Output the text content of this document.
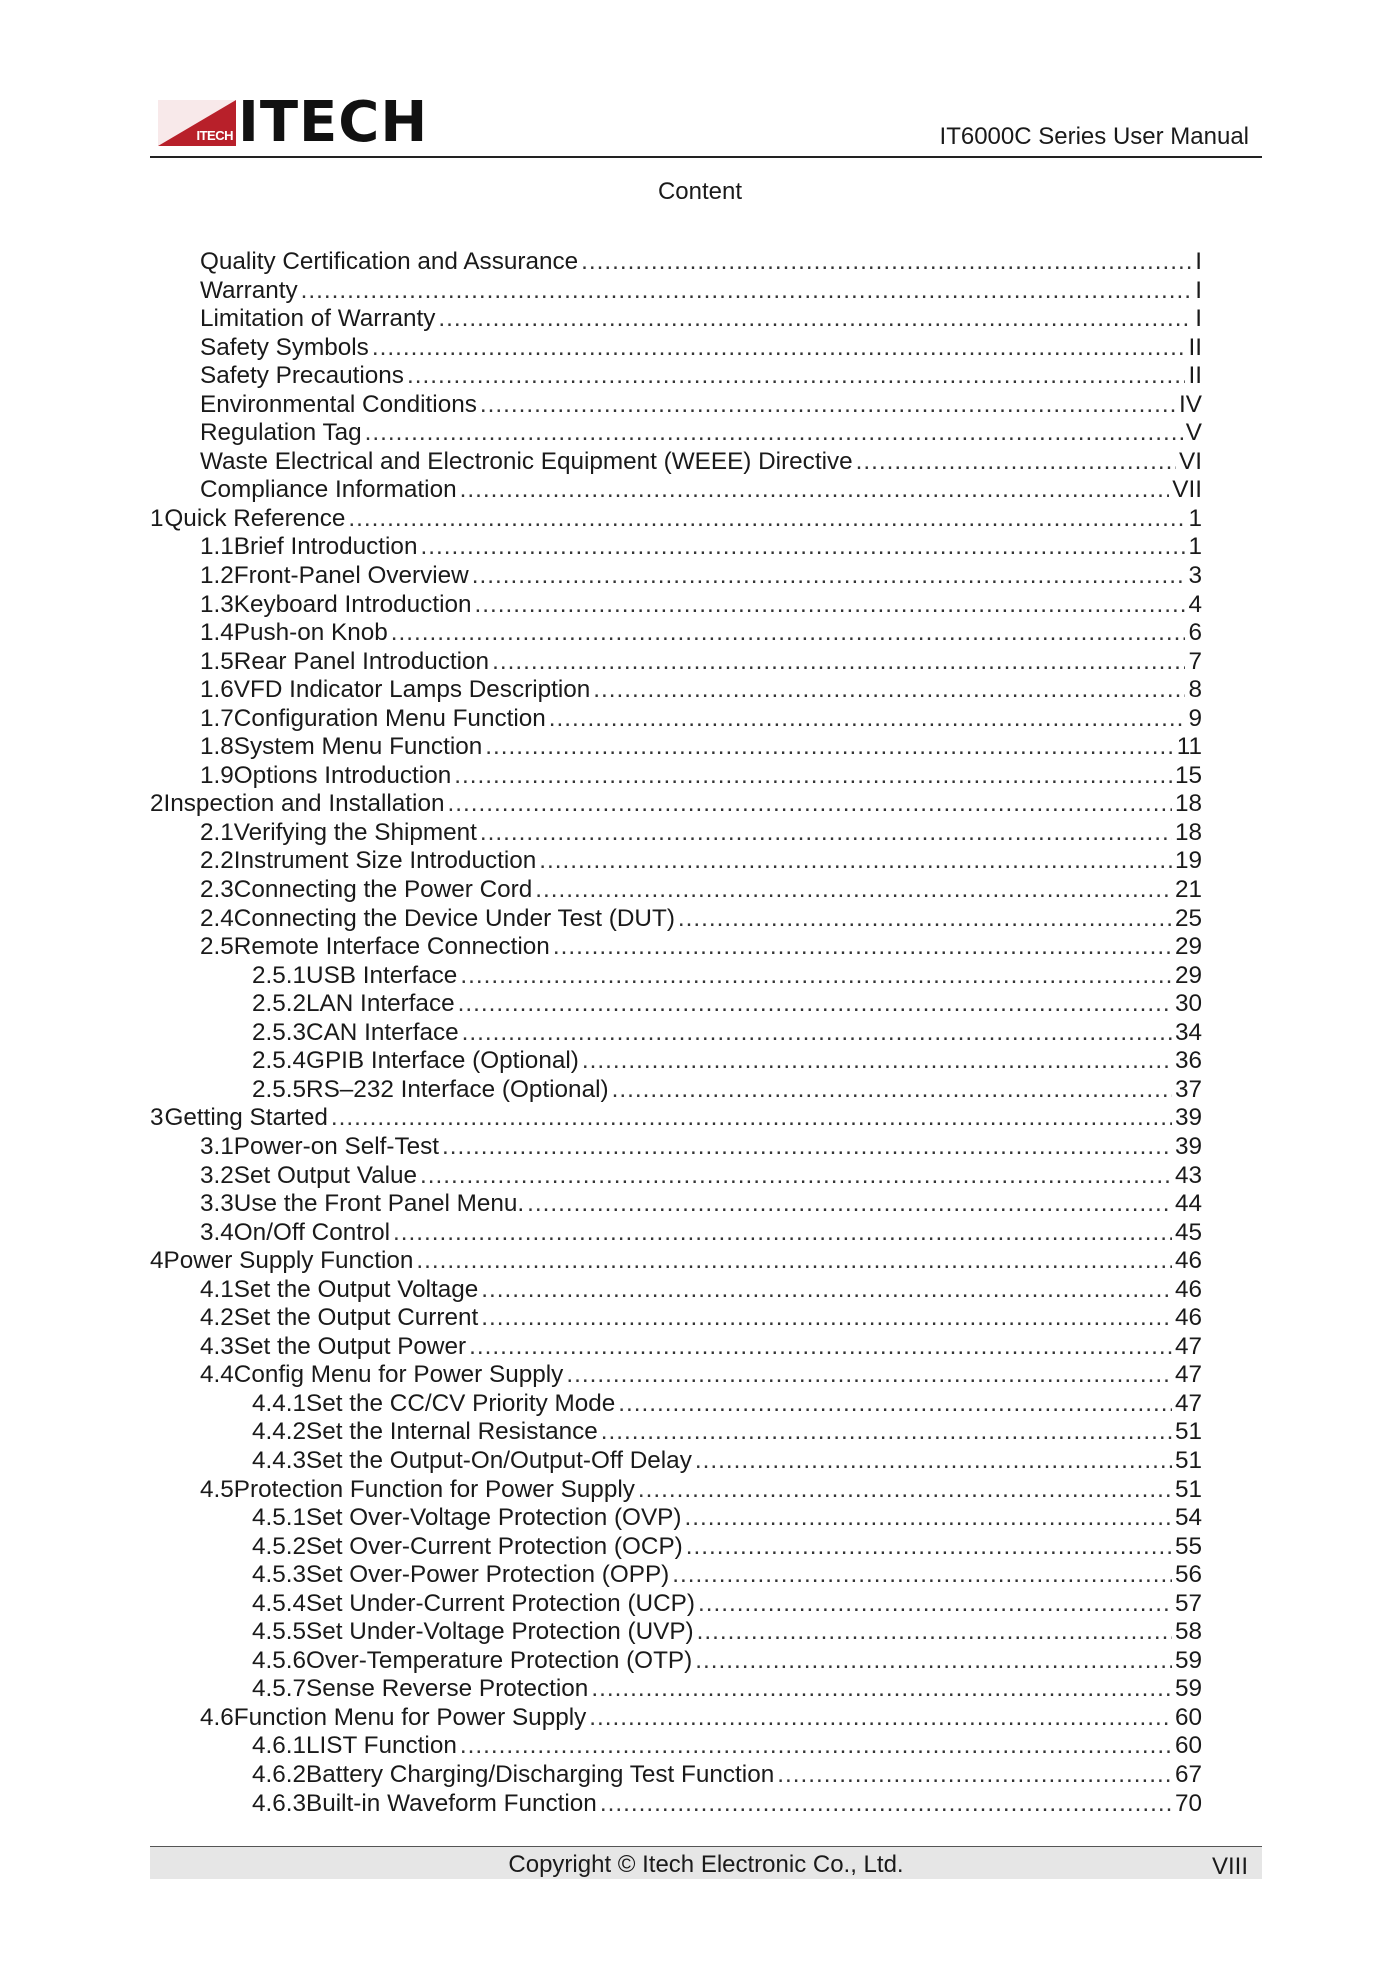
ITECH ITECH	IT6000C Series User Manual
Content
Quality Certification and Assurance .....	I
Warranty .....	I
Limitation of Warranty .....	I
Safety Symbols .....	II
Safety Precautions .....	II
Environmental Conditions .....	IV
Regulation Tag .....	V
Waste Electrical and Electronic Equipment (WEEE) Directive .....	VI
Compliance Information .....	VII
1 Quick Reference .....	1
1.1 Brief Introduction .....	1
1.2 Front-Panel Overview .....	3
1.3 Keyboard Introduction .....	4
1.4 Push-on Knob .....	6
1.5 Rear Panel Introduction .....	7
1.6 VFD Indicator Lamps Description .....	8
1.7 Configuration Menu Function .....	9
1.8 System Menu Function .....	11
1.9 Options Introduction .....	15
2 Inspection and Installation .....	18
2.1 Verifying the Shipment .....	18
2.2 Instrument Size Introduction .....	19
2.3 Connecting the Power Cord .....	21
2.4 Connecting the Device Under Test (DUT) .....	25
2.5 Remote Interface Connection .....	29
2.5.1 USB Interface .....	29
2.5.2 LAN Interface .....	30
2.5.3 CAN Interface .....	34
2.5.4 GPIB Interface (Optional) .....	36
2.5.5 RS–232 Interface (Optional) .....	37
3 Getting Started .....	39
3.1 Power-on Self-Test .....	39
3.2 Set Output Value .....	43
3.3 Use the Front Panel Menu. .....	44
3.4 On/Off Control .....	45
4 Power Supply Function .....	46
4.1 Set the Output Voltage .....	46
4.2 Set the Output Current .....	46
4.3 Set the Output Power .....	47
4.4 Config Menu for Power Supply .....	47
4.4.1 Set the CC/CV Priority Mode .....	47
4.4.2 Set the Internal Resistance .....	51
4.4.3 Set the Output-On/Output-Off Delay .....	51
4.5 Protection Function for Power Supply .....	51
4.5.1 Set Over-Voltage Protection (OVP) .....	54
4.5.2 Set Over-Current Protection (OCP) .....	55
4.5.3 Set Over-Power Protection (OPP) .....	56
4.5.4 Set Under-Current Protection (UCP) .....	57
4.5.5 Set Under-Voltage Protection (UVP) .....	58
4.5.6 Over-Temperature Protection (OTP) .....	59
4.5.7 Sense Reverse Protection .....	59
4.6 Function Menu for Power Supply .....	60
4.6.1 LIST Function .....	60
4.6.2 Battery Charging/Discharging Test Function .....	67
4.6.3 Built-in Waveform Function .....	70
Copyright © Itech Electronic Co., Ltd.	VIII
